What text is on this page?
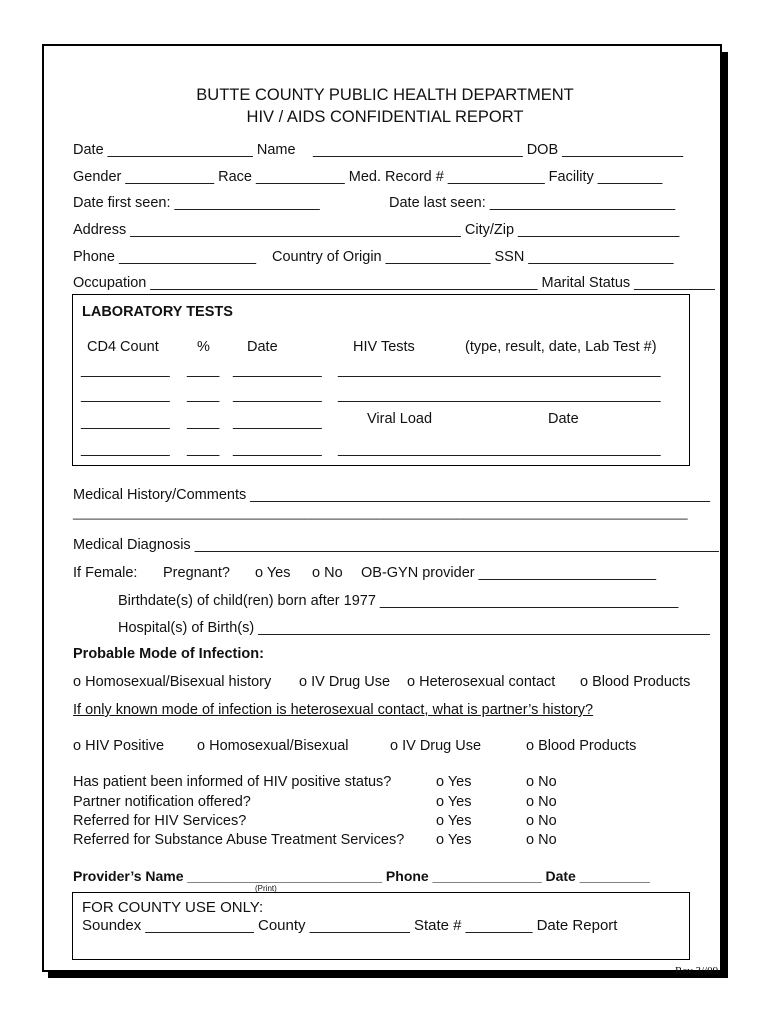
BUTTE COUNTY PUBLIC HEALTH DEPARTMENT
HIV / AIDS CONFIDENTIAL REPORT
Date __________________ Name __________________________ DOB _______________
Gender ___________ Race ___________ Med. Record # ____________ Facility ________
Date first seen: __________________	Date last seen: _______________________
Address _________________________________________ City/Zip ____________________
Phone _________________ Country of Origin _____________ SSN __________________
Occupation ________________________________________________ Marital Status __________
LABORATORY TESTS
CD4 Count	%	Date	HIV Tests	(type, result, date, Lab Test #)
___________ ____ ___________ ________________________________________
___________ ____ ___________ ________________________________________
___________ ____ ___________	Viral Load	Date
___________ ____ ___________ ________________________________________
Medical History/Comments _________________________________________________________
_____________________________________________________________________________________
Medical Diagnosis _________________________________________________________________
If Female: Pregnant? o Yes o No OB-GYN provider ______________________
Birthdate(s) of child(ren) born after 1977 _____________________________________
Hospital(s) of Birth(s) ________________________________________________________
Probable Mode of Infection:
o Homosexual/Bisexual history o IV Drug Use o Heterosexual contact o Blood Products
If only known mode of infection is heterosexual contact, what is partner’s history?
o HIV Positive o Homosexual/Bisexual	o IV Drug Use	o Blood Products
Has patient been informed of HIV positive status?	o Yes	o No
Partner notification offered?	o Yes	o No
Referred for HIV Services?	o Yes	o No
Referred for Substance Abuse Treatment Services? o Yes	o No
Provider’s Name _________________________ Phone ______________ Date _________
(Print)
FOR COUNTY USE ONLY:
Soundex _____________ County ____________ State # ________ Date Report
Rev 3//09
